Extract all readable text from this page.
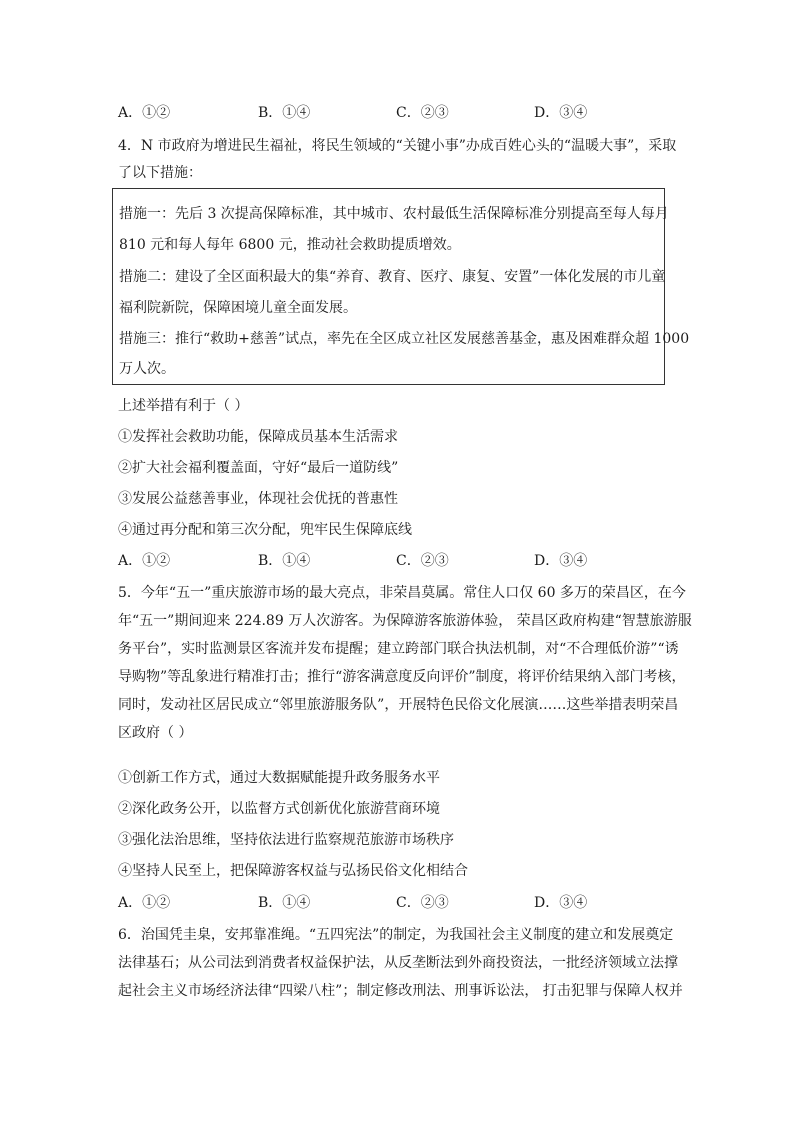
A．①②	B．①④	C．②③	D．③④
4．N 市政府为增进民生福祉，将民生领域的“关键小事”办成百姓心头的“温暖大事”，采取
了以下措施：
措施一：先后 3 次提高保障标准，其中城市、农村最低生活保障标准分别提高至每人每月
810 元和每人每年 6800 元，推动社会救助提质增效。
措施二：建设了全区面积最大的集“养育、教育、医疗、康复、安置”一体化发展的市儿童
福利院新院，保障困境儿童全面发展。
措施三：推行“救助+慈善”试点，率先在全区成立社区发展慈善基金，惠及困难群众超 1000
万人次。
上述举措有利于（ ）
①发挥社会救助功能，保障成员基本生活需求
②扩大社会福利覆盖面，守好“最后一道防线”
③发展公益慈善事业，体现社会优抚的普惠性
④通过再分配和第三次分配，兜牢民生保障底线
A．①②	B．①④	C．②③	D．③④
5．今年“五一”重庆旅游市场的最大亮点，非荣昌莫属。常住人口仅 60 多万的荣昌区，在今
年“五一”期间迎来 224.89 万人次游客。为保障游客旅游体验， 荣昌区政府构建“智慧旅游服
务平台”，实时监测景区客流并发布提醒；建立跨部门联合执法机制，对“不合理低价游”“诱
导购物”等乱象进行精准打击；推行“游客满意度反向评价”制度，将评价结果纳入部门考核，
同时，发动社区居民成立“邻里旅游服务队”，开展特色民俗文化展演……这些举措表明荣昌
区政府（ ）
①创新工作方式，通过大数据赋能提升政务服务水平
②深化政务公开，以监督方式创新优化旅游营商环境
③强化法治思维，坚持依法进行监察规范旅游市场秩序
④坚持人民至上，把保障游客权益与弘扬民俗文化相结合
A．①②	B．①④	C．②③	D．③④
6．治国凭圭臬，安邦靠准绳。“五四宪法”的制定，为我国社会主义制度的建立和发展奠定
法律基石；从公司法到消费者权益保护法，从反垄断法到外商投资法，一批经济领域立法撑
起社会主义市场经济法律“四梁八柱”；制定修改刑法、刑事诉讼法， 打击犯罪与保障人权并
